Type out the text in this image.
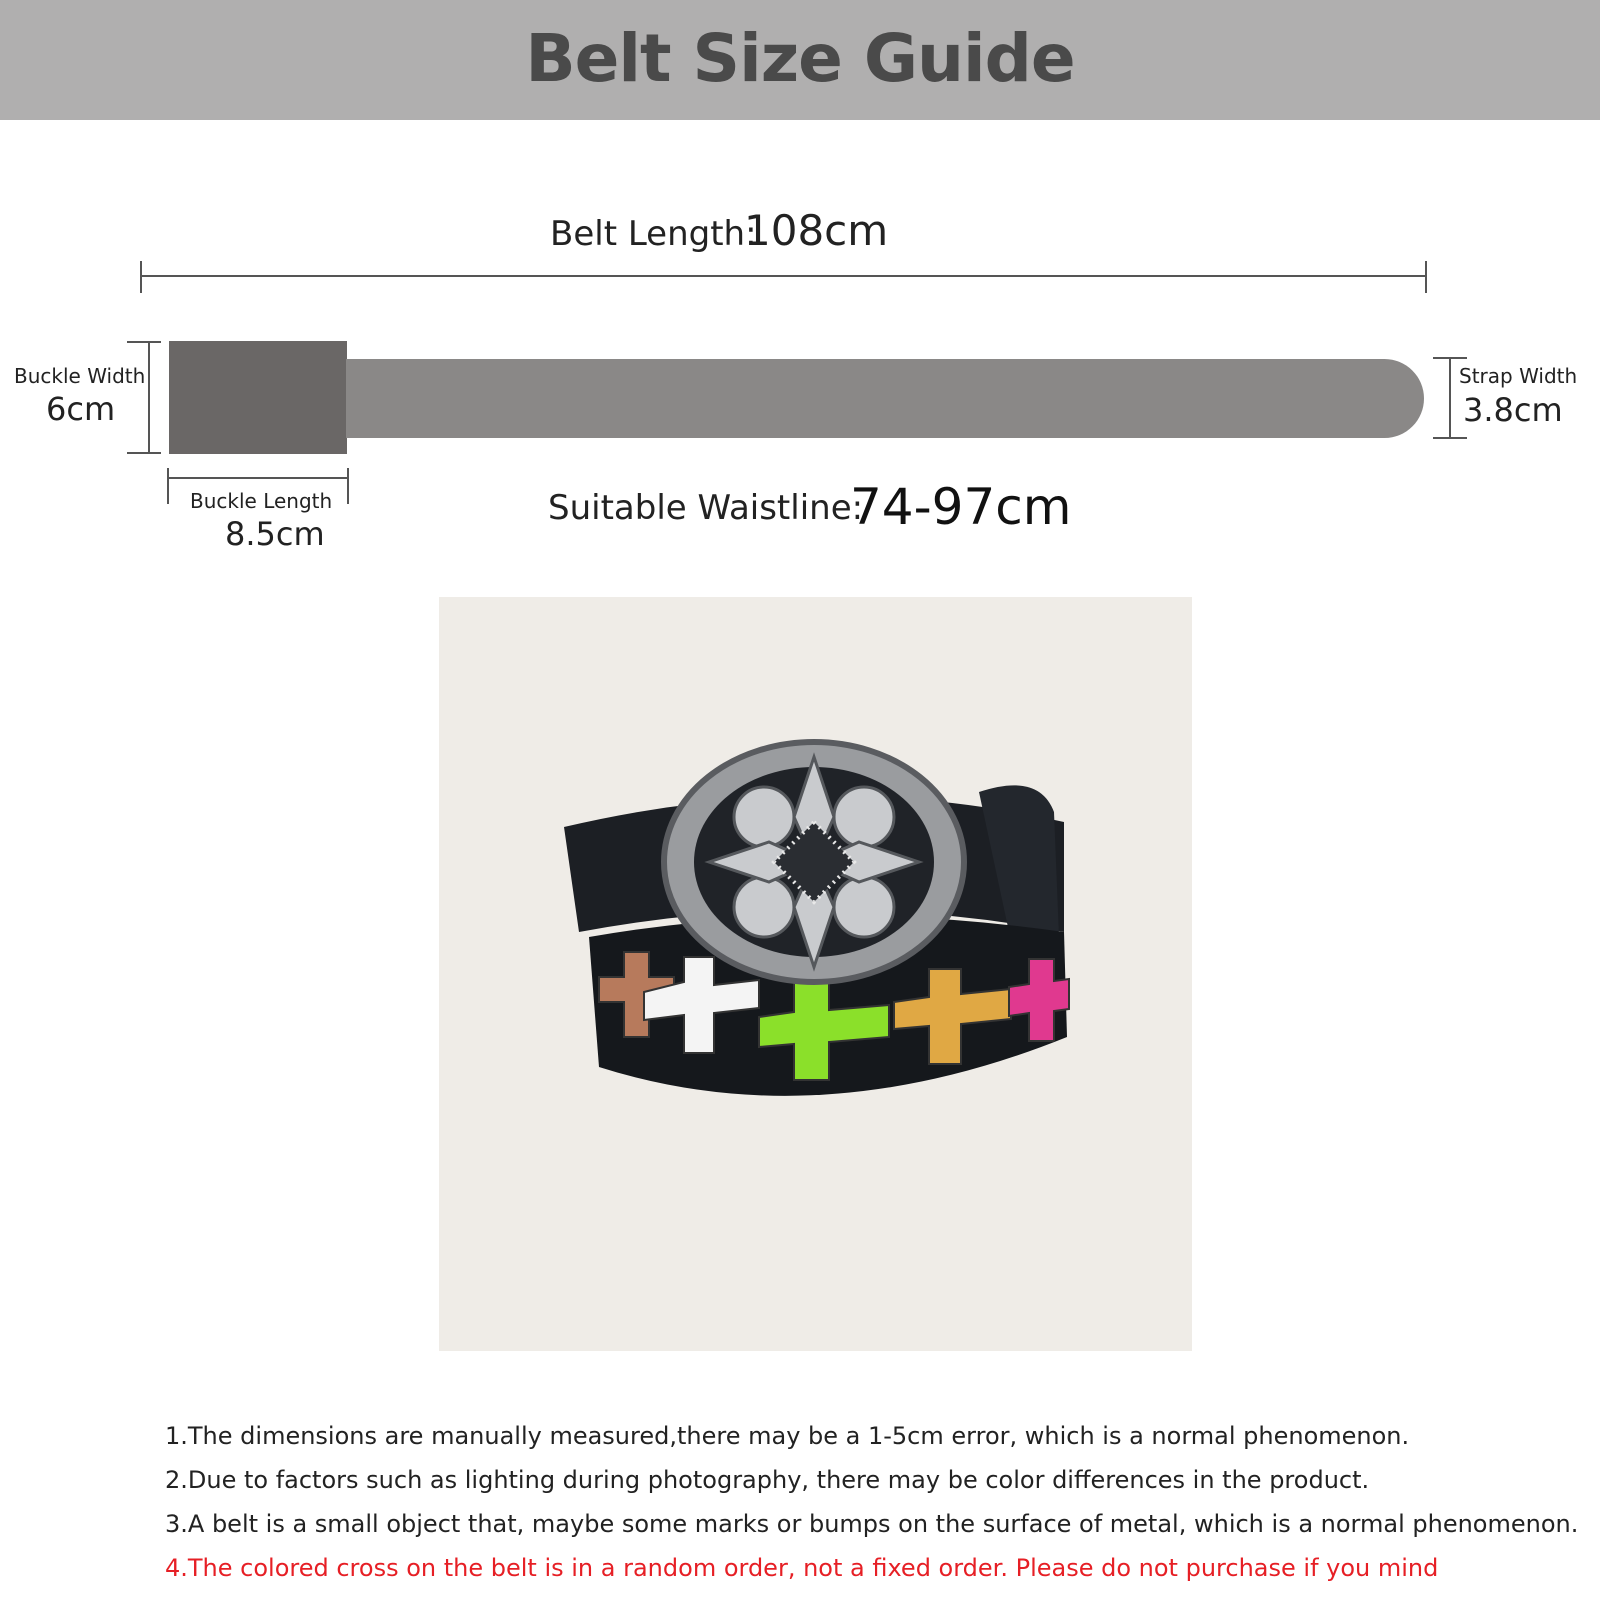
Belt Size Guide
Belt Length:
108cm
Buckle Width
6cm
Strap Width
3.8cm
Buckle Length
8.5cm
Suitable Waistline:
74-97cm
1.The dimensions are manually measured,there may be a 1-5cm error, which is a normal phenomenon.
2.Due to factors such as lighting during photography, there may be color differences in the product.
3.A belt is a small object that, maybe some marks or bumps on the surface of metal, which is a normal phenomenon.
4.The colored cross on the belt is in a random order, not a fixed order. Please do not purchase if you mind
